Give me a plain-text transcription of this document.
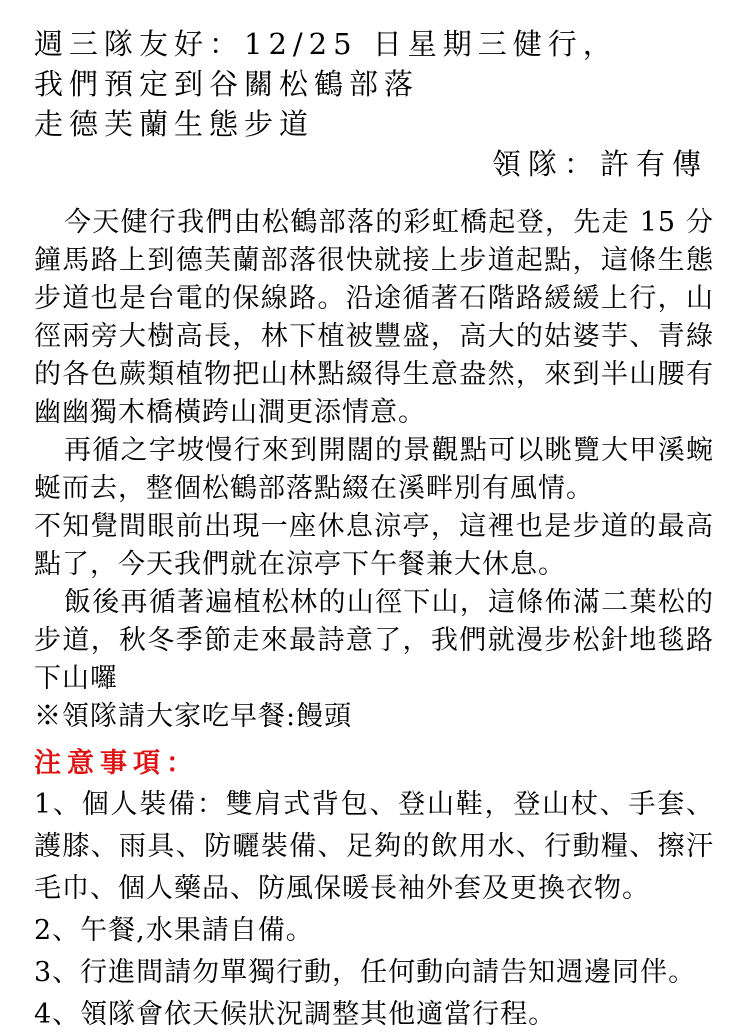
週三隊友好：12/25 日星期三健行，
我們預定到谷關松鶴部落
走德芙蘭生態步道
領隊：許有傳

今天健行我們由松鶴部落的彩虹橋起登，先走 15 分鐘馬路上到德芙蘭部落很快就接上步道起點，這條生態步道也是台電的保線路。沿途循著石階路緩緩上行，山徑兩旁大樹高長，林下植被豐盛，高大的姑婆芋、青綠的各色蕨類植物把山林點綴得生意盎然，來到半山腰有幽幽獨木橋橫跨山澗更添情意。

再循之字坡慢行來到開闊的景觀點可以眺覽大甲溪蜿蜒而去，整個松鶴部落點綴在溪畔別有風情。

不知覺間眼前出現一座休息涼亭，這裡也是步道的最高點了，今天我們就在涼亭下午餐兼大休息。

飯後再循著遍植松林的山徑下山，這條佈滿二葉松的步道，秋冬季節走來最詩意了，我們就漫步松針地毯路下山囉

※領隊請大家吃早餐:饅頭

注意事項：

1、個人裝備：雙肩式背包、登山鞋，登山杖、手套、護膝、雨具、防曬裝備、足夠的飲用水、行動糧、擦汗毛巾、個人藥品、防風保暖長袖外套及更換衣物。

2、午餐,水果請自備。

3、行進間請勿單獨行動，任何動向請告知週邊同伴。

4、領隊會依天候狀況調整其他適當行程。
